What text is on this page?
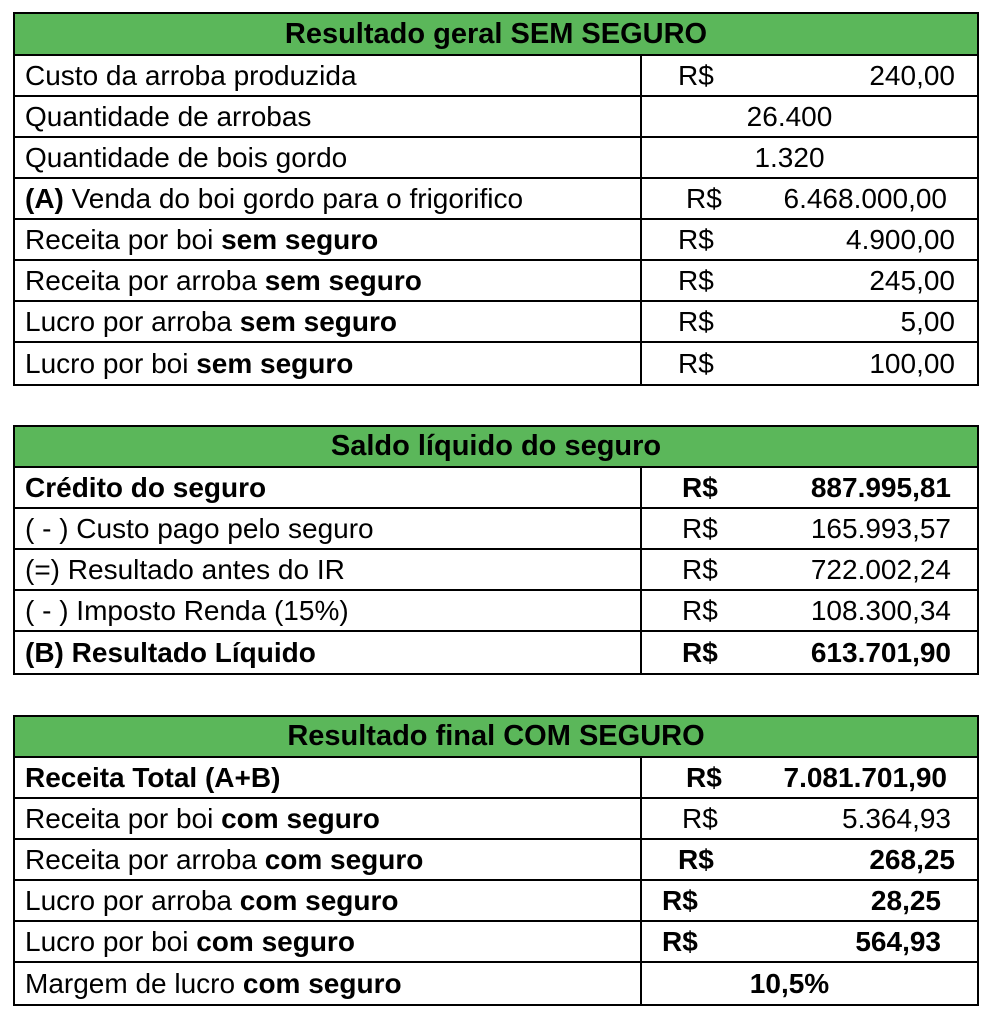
Resultado geral SEM SEGURO
Custo da arroba produzida	R$	240,00
Quantidade de arrobas	26.400
Quantidade de bois gordo	1.320
(A) Venda do boi gordo para o frigorifico	R$ 6.468.000,00
Receita por boi sem seguro	R$	4.900,00
Receita por arroba sem seguro	R$	245,00
Lucro por arroba sem seguro	R$	5,00
Lucro por boi sem seguro	R$	100,00
Saldo líquido do seguro
Crédito do seguro	R$	887.995,81
( - ) Custo pago pelo seguro	R$	165.993,57
(=) Resultado antes do IR	R$	722.002,24
( - ) Imposto Renda (15%)	R$	108.300,34
(B) Resultado Líquido	R$	613.701,90
Resultado final COM SEGURO
Receita Total (A+B)	R$ 7.081.701,90
Receita por boi com seguro	R$	5.364,93
Receita por arroba com seguro	R$	268,25
Lucro por arroba com seguro	R$	28,25
Lucro por boi com seguro	R$	564,93
Margem de lucro com seguro	10,5%
